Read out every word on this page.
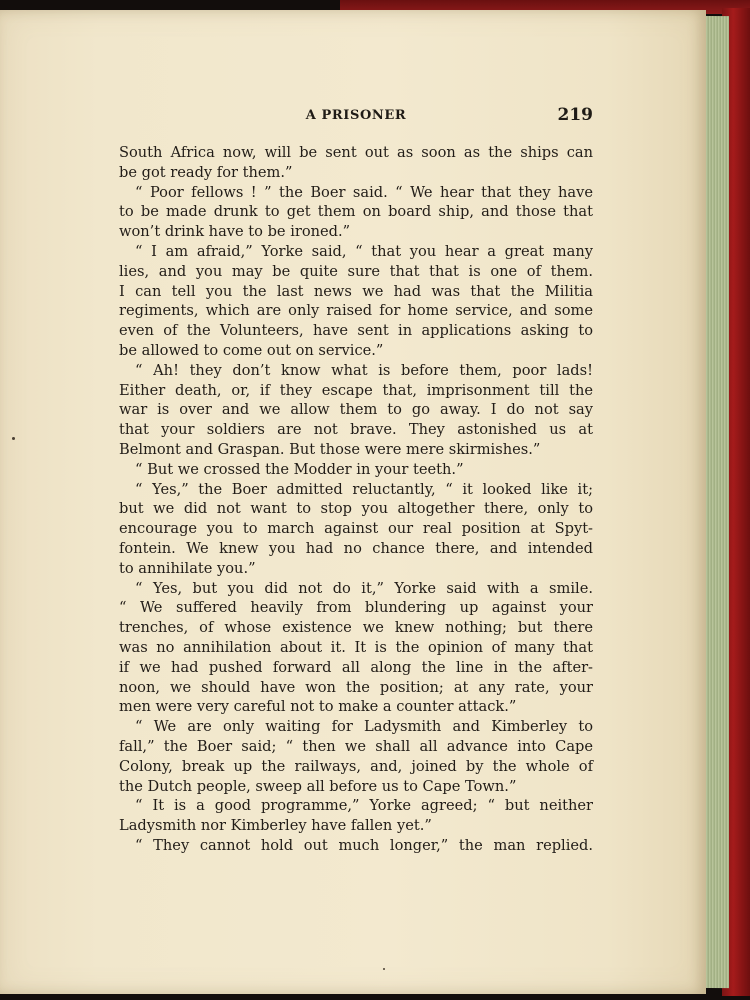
A PRISONER	219
South Africa now, will be sent out as soon as the ships can
be got ready for them.”
“ Poor fellows ! ” the Boer said. “ We hear that they have
to be made drunk to get them on board ship, and those that
won’t drink have to be ironed.”
“ I am afraid,” Yorke said, “ that you hear a great many
lies, and you may be quite sure that that is one of them.
I can tell you the last news we had was that the Militia
regiments, which are only raised for home service, and some
even of the Volunteers, have sent in applications asking to
be allowed to come out on service.”
“ Ah! they don’t know what is before them, poor lads!
Either death, or, if they escape that, imprisonment till the
war is over and we allow them to go away. I do not say
that your soldiers are not brave. They astonished us at
Belmont and Graspan. But those were mere skirmishes.”
“ But we crossed the Modder in your teeth.”
“ Yes,” the Boer admitted reluctantly, “ it looked like it;
but we did not want to stop you altogether there, only to
encourage you to march against our real position at Spyt-
fontein. We knew you had no chance there, and intended
to annihilate you.”
“ Yes, but you did not do it,” Yorke said with a smile.
“ We suffered heavily from blundering up against your
trenches, of whose existence we knew nothing; but there
was no annihilation about it. It is the opinion of many that
if we had pushed forward all along the line in the after-
noon, we should have won the position; at any rate, your
men were very careful not to make a counter attack.”
“ We are only waiting for Ladysmith and Kimberley to
fall,” the Boer said; “ then we shall all advance into Cape
Colony, break up the railways, and, joined by the whole of
the Dutch people, sweep all before us to Cape Town.”
“ It is a good programme,” Yorke agreed; “ but neither
Ladysmith nor Kimberley have fallen yet.”
“ They cannot hold out much longer,” the man replied.
